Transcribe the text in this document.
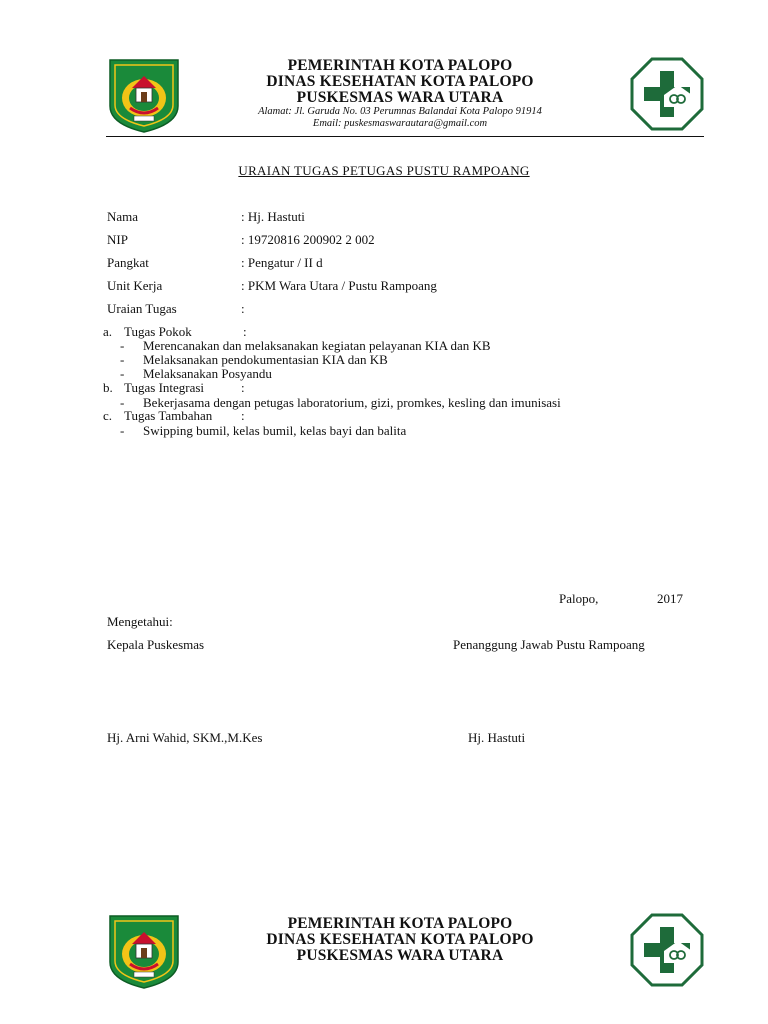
PEMERINTAH KOTA PALOPO
DINAS KESEHATAN KOTA PALOPO
PUSKESMAS WARA UTARA
Alamat: Jl. Garuda No. 03 Perumnas Balandai Kota Palopo 91914
Email: puskesmaswarautara@gmail.com
URAIAN TUGAS PETUGAS PUSTU RAMPOANG
Nama	: Hj. Hastuti
NIP	: 19720816 200902 2 002
Pangkat	: Pengatur / II d
Unit Kerja	: PKM Wara Utara / Pustu Rampoang
Uraian Tugas	:
a. Tugas Pokok	:
- Merencanakan dan melaksanakan kegiatan pelayanan KIA dan KB
- Melaksanakan pendokumentasian KIA dan KB
- Melaksanakan Posyandu
b. Tugas Integrasi	:
- Bekerjasama dengan petugas laboratorium, gizi, promkes, kesling dan imunisasi
c. Tugas Tambahan :
- Swipping bumil, kelas bumil, kelas bayi dan balita
Palopo,	2017
Mengetahui:
Kepala Puskesmas	Penanggung Jawab Pustu Rampoang
Hj. Arni Wahid, SKM.,M.Kes	Hj. Hastuti
PEMERINTAH KOTA PALOPO
DINAS KESEHATAN KOTA PALOPO
PUSKESMAS WARA UTARA
